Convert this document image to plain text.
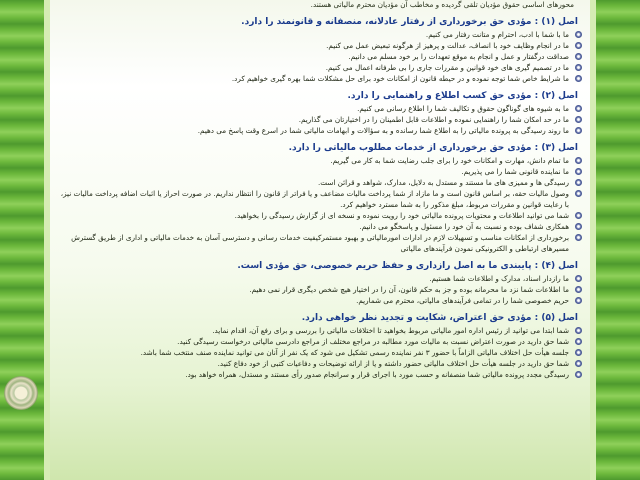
محورهای اساسی حقوق مؤدیان تلقی گردیده و مخاطب آن مؤدیان محترم مالیاتی هستند.
اصل (۱) : مؤدی حق برخورداری از رفتار عادلانه، منصفانه و قانونمند را دارد.
ما با شما با ادب، احترام و متانت رفتار می کنیم.
ما در انجام وظایف خود با انصاف، عدالت و پرهیز از هرگونه تبعیض عمل می کنیم.
صداقت درگفتار و عمل و انجام به موقع تعهدات را بر خود مسلم می دانیم.
ما در تصمیم گیری های خود قوانین و مقررات جاری را بی طرفانه اعمال می کنیم.
ما شرایط خاص شما توجه نموده و در حیطه قانون از امکانات خود برای حل مشکلات شما بهره گیری خواهیم کرد.
اصل (۲) : مؤدی حق کسب اطلاع و راهنمایی را دارد.
ما به شیوه های گوناگون حقوق و تکالیف شما را اطلاع رسانی می کنیم.
ما در حد امکان شما را راهنمایی نموده و اطلاعات قابل اطمینان را در اختیارتان می گذاریم.
ما روند رسیدگی به پرونده مالیاتی را به اطلاع شما رسانده و به سؤالات و ابهامات مالیاتی شما در اسرع وقت پاسخ می دهیم.
اصل (۳) : مؤدی حق برخورداری از خدمات مطلوب مالیاتی را دارد.
ما تمام دانش، مهارت و امکانات خود را برای جلب رضایت شما به کار می گیریم.
ما نماینده قانونی شما را می پذیریم.
رسیدگی ها و ممیزی های ما مستند و مستدل به دلایل، مدارک، شواهد و قرائن است.
وصول مالیات حقه، بر اساس قانون است و ما مازاد از شما پرداخت مالیات مضاعف و یا فراتر از قانون را انتظار نداریم. در صورت احراز یا اثبات اضافه پرداخت مالیات نیز، با رعایت قوانین و مقررات مربوط، مبلغ مذکور را به شما مسترد خواهیم کرد.
شما می توانید اطلاعات و محتویات پرونده مالیاتی خود را رویت نموده و نسخه ای از گزارش رسیدگی را بخواهید.
همکاری شفاف بوده و نسبت به آن خود را مسئول و پاسخگو می دانیم.
برخورداری از امکانات مناسب و تسهیلات لازم در ادارات امورمالیاتی و بهبود مستمرکیفیت خدمات رسانی و دسترسی آسان به خدمات مالیاتی و اداری از طریق گسترش مسیرهای ارتباطی و الکترونیکی نمودن فرآیندهای مالیاتی
اصل (۴) : پایبندی ما به اصل رازداری و حفظ حریم خصوصی، حق مؤدی است.
ما رازدار اسناد، مدارک و اطلاعات شما هستیم.
ما اطلاعات شما نزد ما محرمانه بوده و جز به حکم قانون، آن را در اختیار هیچ شخص دیگری قرار نمی دهیم.
حریم خصوصی شما را در تمامی فرآیندهای مالیاتی، محترم می شماریم.
اصل (۵) : مؤدی حق اعتراض، شکایت و تجدید نظر خواهی دارد.
شما ابتدا می توانید از رئیس اداره امور مالیاتی مربوط بخواهید تا اختلافات مالیاتی را بررسی و برای رفع آن، اقدام نماید.
شما حق دارید در صورت اعتراض نسبت به مالیات مورد مطالبه در مراجع مختلف از مراجع دادرسی مالیاتی درخواست رسیدگی کنید.
جلسه هیأت حل اختلاف مالیاتی الزاماً با حضور ۳ نفر نماینده رسمی تشکیل می شود که یک نفر از آنان می توانید نماینده صنف منتخب شما باشد.
شما حق دارید در جلسه هیأت حل اختلاف مالیاتی حضور داشته و یا از ارائه توضیحات و دفاعیات کتبی از خود دفاع کنید.
رسیدگی مجدد پرونده مالیاتی شما منصفانه و حسب مورد با اجرای قرار و سرانجام صدور رأی مستند و مستدل، همراه خواهد بود.
